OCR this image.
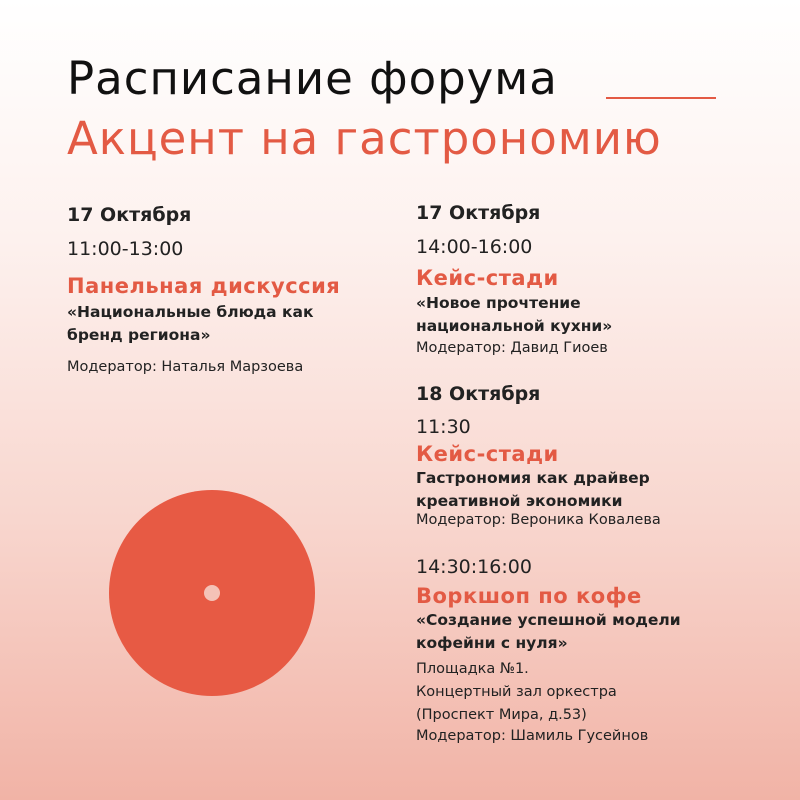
Расписание форума
Акцент на гастрономию
17 Октября
11:00-13:00
Панельная дискуссия
«Национальные блюда как
бренд региона»
Модератор: Наталья Марзоева
17 Октября
14:00-16:00
Кейс-стади
«Новое прочтение
национальной кухни»
Модератор: Давид Гиоев
18 Октября
11:30
Кейс-стади
Гастрономия как драйвер
креативной экономики
Модератор: Вероника Ковалева
14:30:16:00
Воркшоп по кофе
«Создание успешной модели
кофейни с нуля»
Площадка №1.
Концертный зал оркестра
(Проспект Мира, д.53)
Модератор: Шамиль Гусейнов
